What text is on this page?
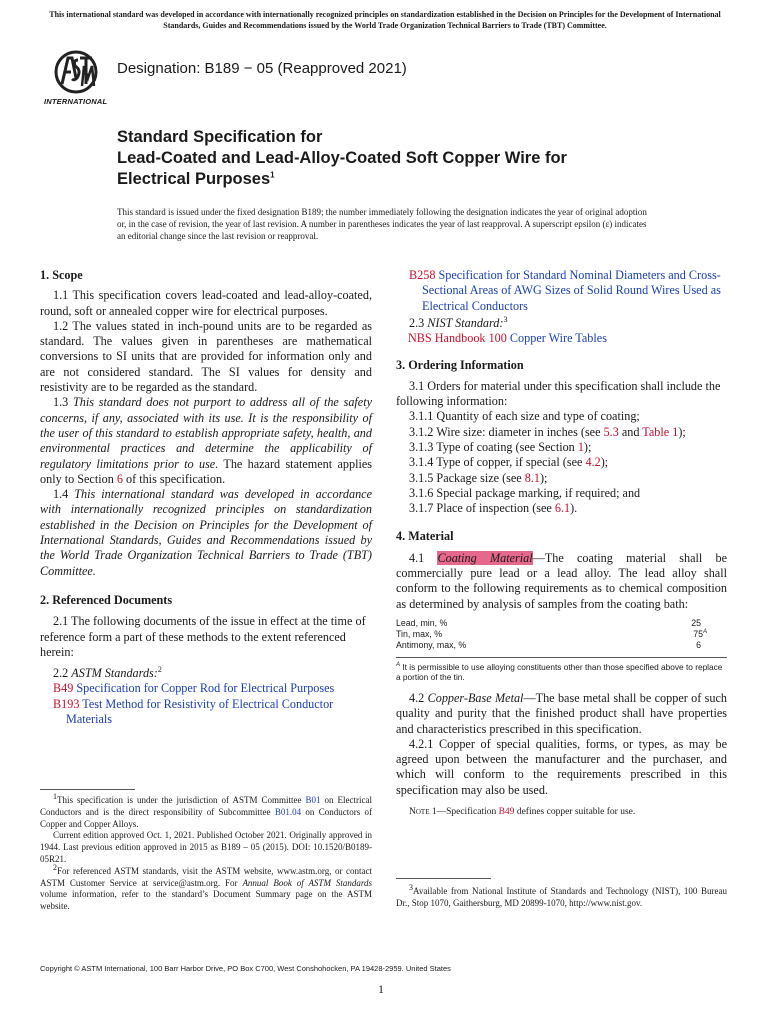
This international standard was developed in accordance with internationally recognized principles on standardization established in the Decision on Principles for the Development of International Standards, Guides and Recommendations issued by the World Trade Organization Technical Barriers to Trade (TBT) Committee.
INTERNATIONAL
Designation: B189 − 05 (Reapproved 2021)
Standard Specification for
Lead-Coated and Lead-Alloy-Coated Soft Copper Wire for
Electrical Purposes$^1$
This standard is issued under the fixed designation B189; the number immediately following the designation indicates the year of original adoption or, in the case of revision, the year of last revision. A number in parentheses indicates the year of last reapproval. A superscript epsilon (ε) indicates an editorial change since the last revision or reapproval.

1. Scope

1.1 This specification covers lead-coated and lead-alloy-coated, round, soft or annealed copper wire for electrical purposes.

1.2 The values stated in inch-pound units are to be regarded as standard. The values given in parentheses are mathematical conversions to SI units that are provided for information only and are not considered standard. The SI values for density and resistivity are to be regarded as the standard.

1.3 This standard does not purport to address all of the safety concerns, if any, associated with its use. It is the responsibility of the user of this standard to establish appropriate safety, health, and environmental practices and determine the applicability of regulatory limitations prior to use. The hazard statement applies only to Section 6 of this specification.

1.4 This international standard was developed in accordance with internationally recognized principles on standardization established in the Decision on Principles for the Development of International Standards, Guides and Recommendations issued by the World Trade Organization Technical Barriers to Trade (TBT) Committee.

2. Referenced Documents

2.1 The following documents of the issue in effect at the time of reference form a part of these methods to the extent referenced herein:

2.2 ASTM Standards:$^2$

B49 Specification for Copper Rod for Electrical Purposes

B193 Test Method for Resistivity of Electrical Conductor Materials

$^1$This specification is under the jurisdiction of ASTM Committee B01 on Electrical Conductors and is the direct responsibility of Subcommittee B01.04 on Conductors of Copper and Copper Alloys.

Current edition approved Oct. 1, 2021. Published October 2021. Originally approved in 1944. Last previous edition approved in 2015 as B189 – 05 (2015). DOI: 10.1520/B0189-05R21.

$^2$For referenced ASTM standards, visit the ASTM website, www.astm.org, or contact ASTM Customer Service at service@astm.org. For Annual Book of ASTM Standards volume information, refer to the standard’s Document Summary page on the ASTM website.

B258 Specification for Standard Nominal Diameters and Cross-Sectional Areas of AWG Sizes of Solid Round Wires Used as Electrical Conductors

2.3 NIST Standard:$^3$

NBS Handbook 100 Copper Wire Tables

3. Ordering Information

3.1 Orders for material under this specification shall include the following information:

3.1.1 Quantity of each size and type of coating;

3.1.2 Wire size: diameter in inches (see 5.3 and Table 1);

3.1.3 Type of coating (see Section 1);

3.1.4 Type of copper, if special (see 4.2);

3.1.5 Package size (see 8.1);

3.1.6 Special package marking, if required; and

3.1.7 Place of inspection (see 6.1).

4. Material

4.1 Coating Material—The coating material shall be commercially pure lead or a lead alloy. The lead alloy shall conform to the following requirements as to chemical composition as determined by analysis of samples from the coating bath:

Lead, min, %	25
Tin, max, %	$75^A$
Antimony, max, %	6

$^A$ It is permissible to use alloying constituents other than those specified above to replace a portion of the tin.

4.2 Copper-Base Metal—The base metal shall be copper of such quality and purity that the finished product shall have properties and characteristics prescribed in this specification.

4.2.1 Copper of special qualities, forms, or types, as may be agreed upon between the manufacturer and the purchaser, and which will conform to the requirements prescribed in this specification may also be used.

Note 1—Specification B49 defines copper suitable for use.

$^3$Available from National Institute of Standards and Technology (NIST), 100 Bureau Dr., Stop 1070, Gaithersburg, MD 20899-1070, http://www.nist.gov.

Copyright © ASTM International, 100 Barr Harbor Drive, PO Box C700, West Conshohocken, PA 19428-2959. United States
1
